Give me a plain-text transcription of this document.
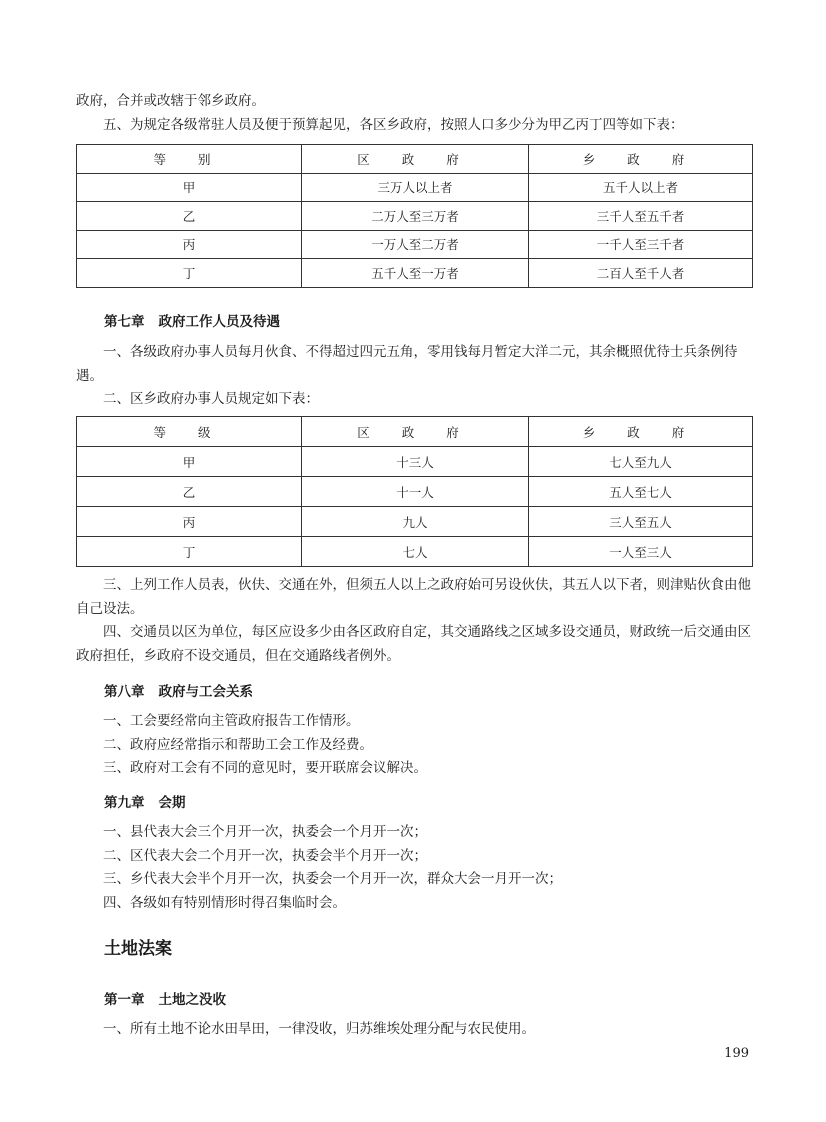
政府，合并或改辖于邻乡政府。

五、为规定各级常驻人员及便于预算起见，各区乡政府，按照人口多少分为甲乙丙丁四等如下表：

等 别	区 政 府	乡 政 府
甲	三万人以上者	五千人以上者
乙	二万人至三万者	三千人至五千者
丙	一万人至二万者	一千人至三千者
丁	五千人至一万者	二百人至千人者
第七章 政府工作人员及待遇

一、各级政府办事人员每月伙食、不得超过四元五角，零用钱每月暂定大洋二元，其余概照优待士兵条例待遇。

二、区乡政府办事人员规定如下表：

等 级	区 政 府	乡 政 府
甲	十三人	七人至九人
乙	十一人	五人至七人
丙	九人	三人至五人
丁	七人	一人至三人

三、上列工作人员表，伙伕、交通在外，但须五人以上之政府始可另设伙伕，其五人以下者，则津贴伙食由他自己设法。

四、交通员以区为单位，每区应设多少由各区政府自定，其交通路线之区域多设交通员，财政统一后交通由区政府担任，乡政府不设交通员，但在交通路线者例外。

第八章 政府与工会关系

一、工会要经常向主管政府报告工作情形。

二、政府应经常指示和帮助工会工作及经费。

三、政府对工会有不同的意见时，要开联席会议解决。

第九章 会期

一、县代表大会三个月开一次，执委会一个月开一次；

二、区代表大会二个月开一次，执委会半个月开一次；

三、乡代表大会半个月开一次，执委会一个月开一次，群众大会一月开一次；

四、各级如有特别情形时得召集临时会。

土地法案
第一章 土地之没收

一、所有土地不论水田旱田，一律没收，归苏维埃处理分配与农民使用。

199
